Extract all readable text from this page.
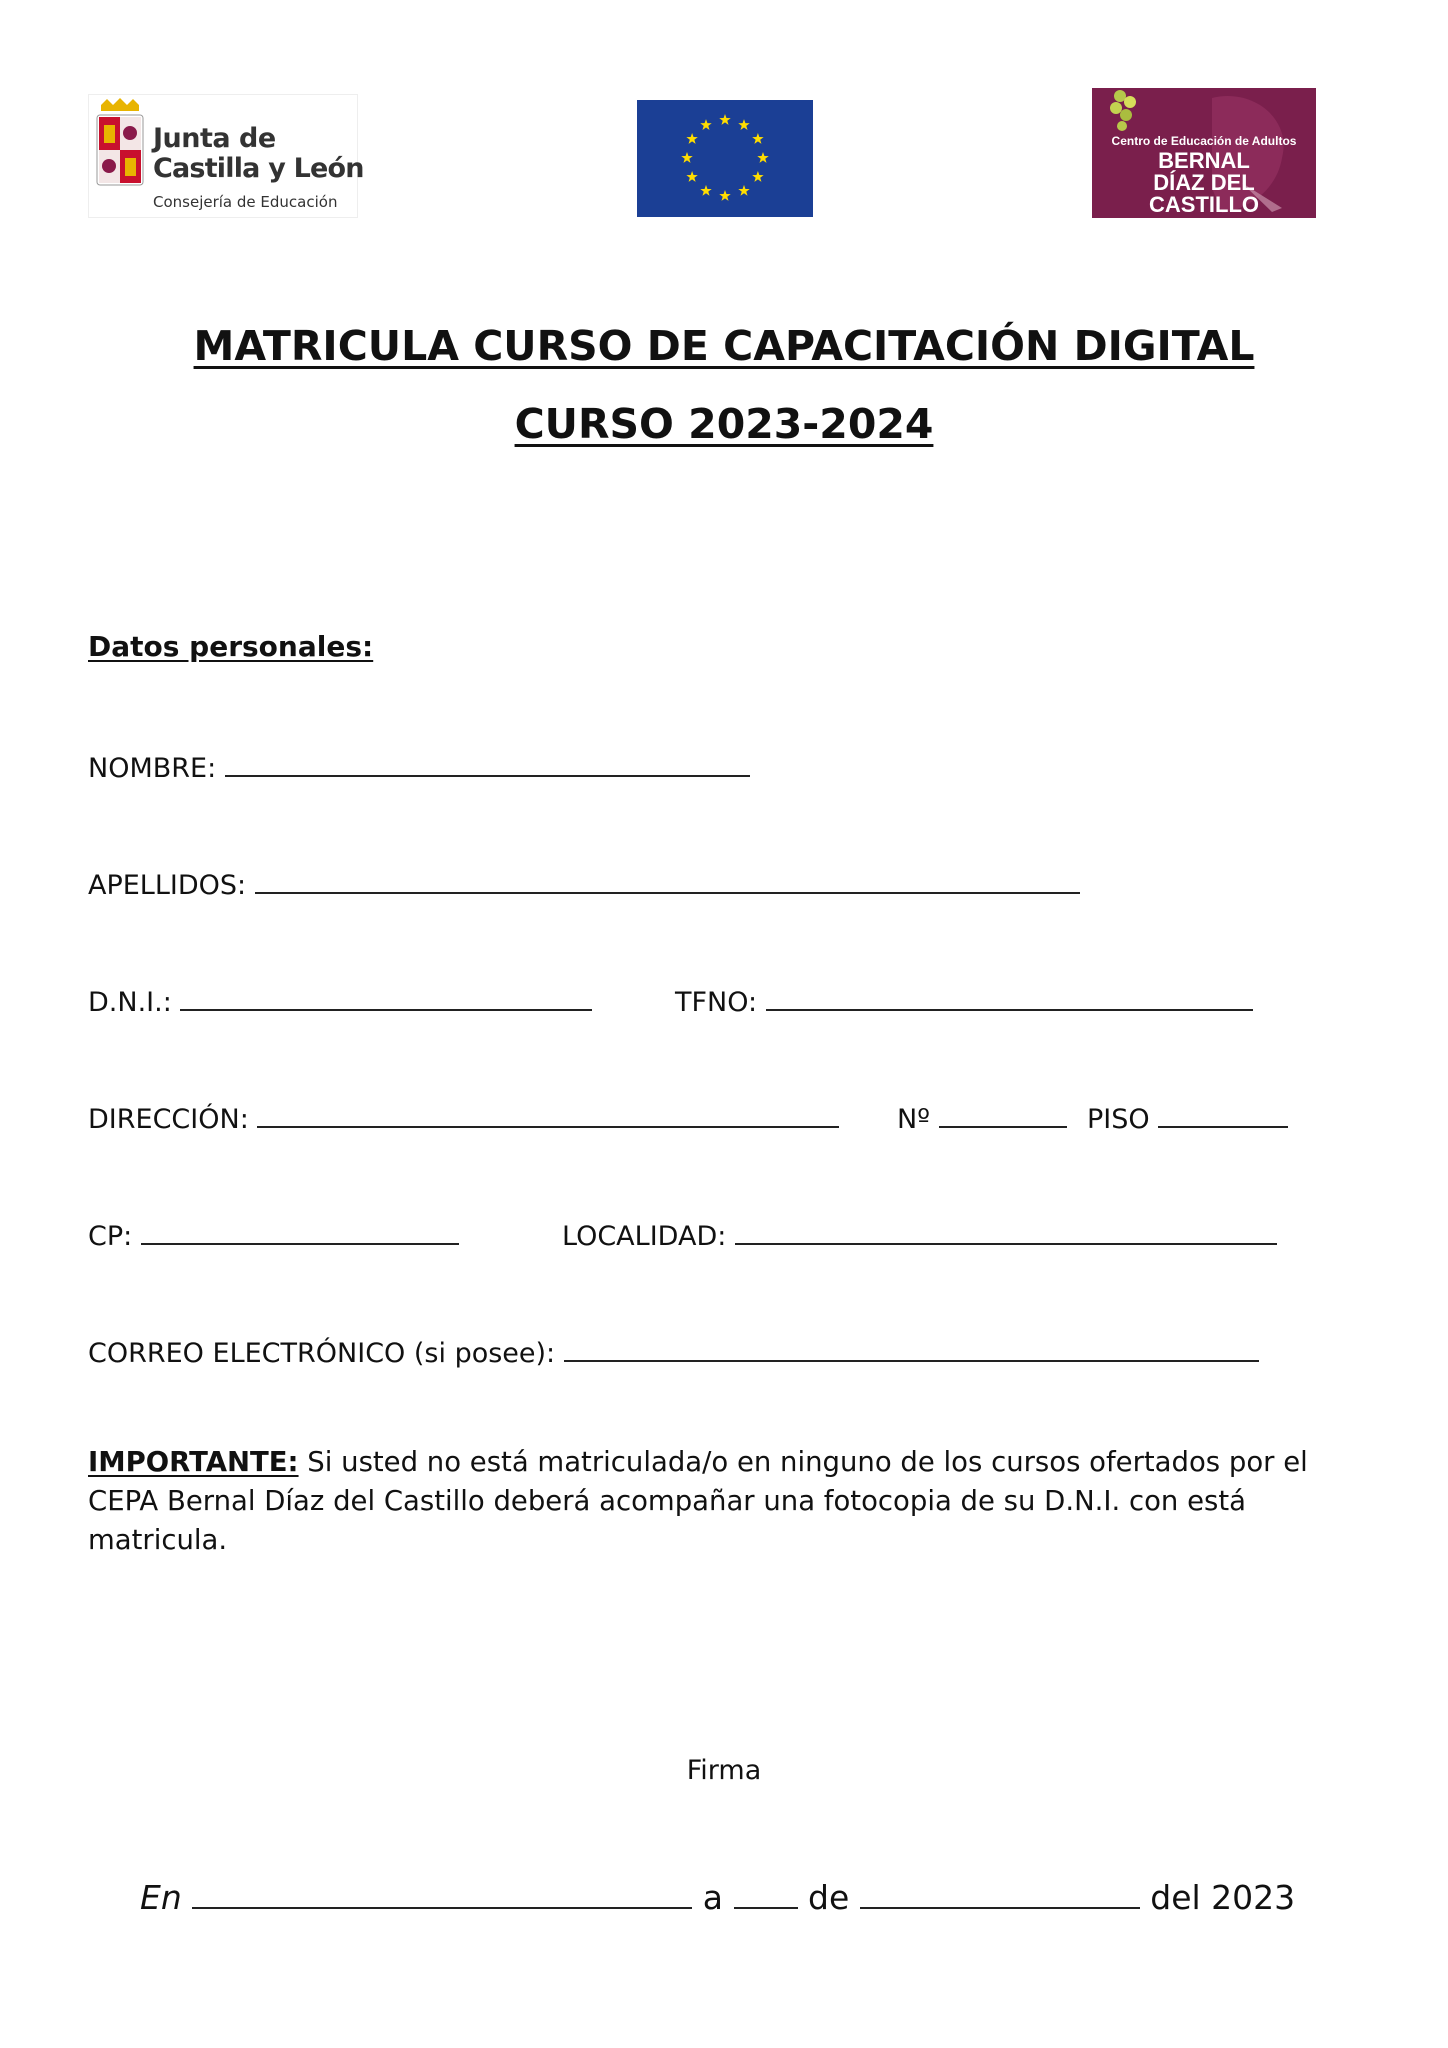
Junta de
Castilla y León
Consejería de Educación
Centro de Educación de Adultos
BERNAL
DÍAZ DEL
CASTILLO
MATRICULA CURSO DE CAPACITACIÓN DIGITAL
CURSO 2023-2024
Datos personales:
NOMBRE:
APELLIDOS:
D.N.I.:	TFNO:
DIRECCIÓN:	Nº	PISO
CP:	LOCALIDAD:
CORREO ELECTRÓNICO (si posee):
IMPORTANTE: Si usted no está matriculada/o en ninguno de los cursos ofertados por el CEPA Bernal Díaz del Castillo deberá acompañar una fotocopia de su D.N.I. con está matricula.
Firma
En	a	de	del 2023
